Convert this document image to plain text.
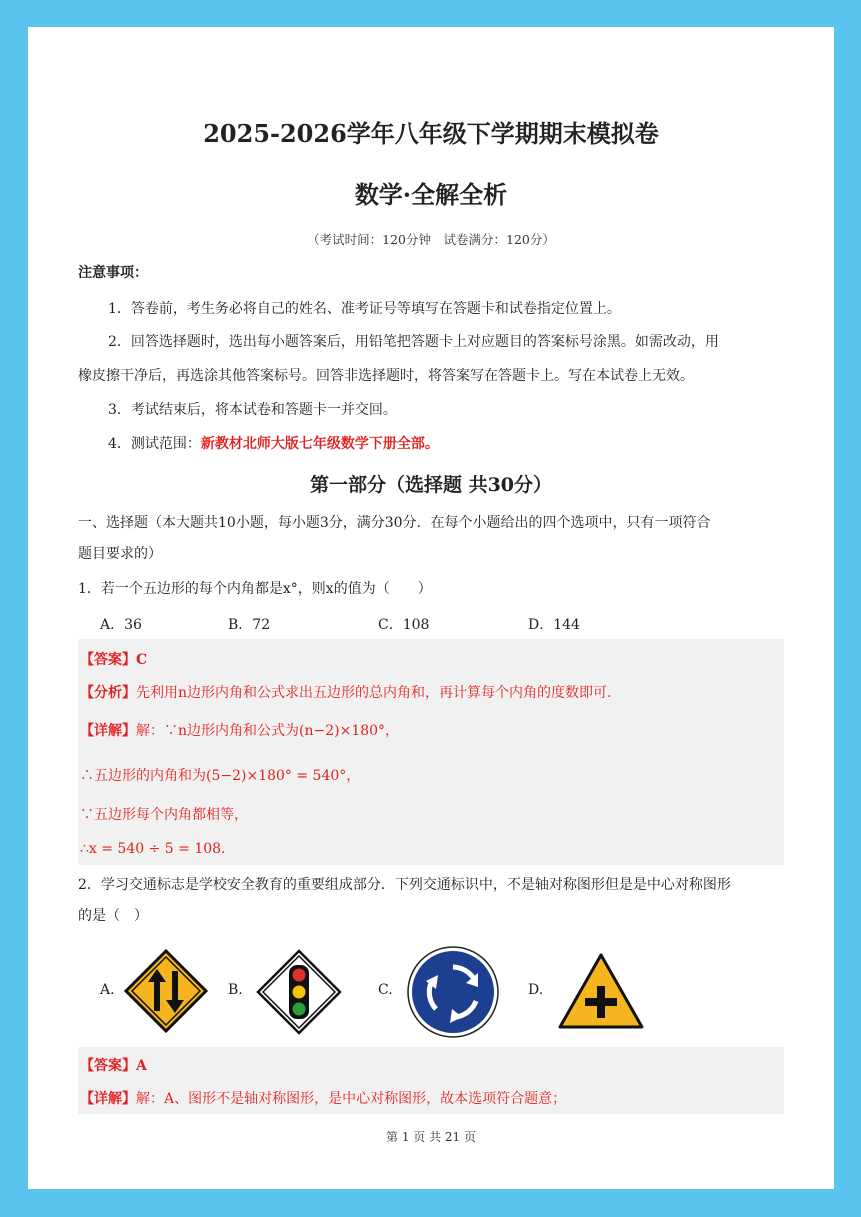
2025-2026学年八年级下学期期末模拟卷
数学·全解全析
（考试时间：120分钟　试卷满分：120分）
注意事项：
1．答卷前，考生务必将自己的姓名、准考证号等填写在答题卡和试卷指定位置上。
2．回答选择题时，选出每小题答案后，用铅笔把答题卡上对应题目的答案标号涂黑。如需改动，用
橡皮擦干净后，再选涂其他答案标号。回答非选择题时，将答案写在答题卡上。写在本试卷上无效。
3．考试结束后，将本试卷和答题卡一并交回。
4．测试范围：新教材北师大版七年级数学下册全部。
第一部分（选择题 共30分）
一、选择题（本大题共10小题，每小题3分，满分30分．在每个小题给出的四个选项中，只有一项符合
题目要求的）
1．若一个五边形的每个内角都是x°，则x的值为（　　）
A．36	B．72	C．108	D．144
【答案】C
【分析】先利用n边形内角和公式求出五边形的总内角和，再计算每个内角的度数即可．
【详解】解：∵n边形内角和公式为(n−2)×180°，
∴五边形的内角和为(5−2)×180° = 540°，
∵五边形每个内角都相等，
∴x = 540 ÷ 5 = 108．
2．学习交通标志是学校安全教育的重要组成部分．下列交通标识中，不是轴对称图形但是是中心对称图形
的是（　）
A.	B.	C.	D.
【答案】A
【详解】解：A、图形不是轴对称图形，是中心对称图形，故本选项符合题意；
第 1 页 共 21 页
